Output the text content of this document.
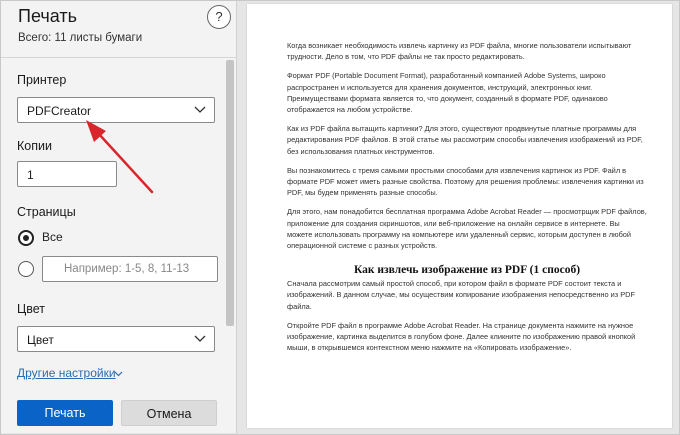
Печать
Всего: 11 листы бумаги
?
Принтер
PDFCreator
Копии
1
Страницы
Все
Например: 1-5, 8, 11-13
Цвет
Цвет
Другие настройки
Печать	Отмена

Когда возникает необходимость извлечь картинку из PDF файла, многие пользователи испытывают трудности. Дело в том, что PDF файлы не так просто редактировать.

Формат PDF (Portable Document Format), разработанный компанией Adobe Systems, широко распространен и используется для хранения документов, инструкций, электронных книг. Преимуществами формата является то, что документ, созданный в формате PDF, одинаково отображается на любом устройстве.

Как из PDF файла вытащить картинки? Для этого, существуют продвинутые платные программы для редактирования PDF файлов. В этой статье мы рассмотрим способы извлечения изображений из PDF, без использования платных инструментов.

Вы познакомитесь с тремя самыми простыми способами для извлечения картинок из PDF. Файл в формате PDF может иметь разные свойства. Поэтому для решения проблемы: извлечения картинки из PDF, мы будем применять разные способы.

Для этого, нам понадобится бесплатная программа Adobe Acrobat Reader — просмотрщик PDF файлов, приложение для создания скриншотов, или веб-приложение на онлайн сервисе в интернете. Вы можете использовать программу на компьютере или удаленный сервис, которым доступен в любой операционной системе с разных устройств.

Как извлечь изображение из PDF (1 способ)

Сначала рассмотрим самый простой способ, при котором файл в формате PDF состоит текста и изображений. В данном случае, мы осуществим копирование изображения непосредственно из PDF файла.

Откройте PDF файл в программе Adobe Acrobat Reader. На странице документа нажмите на нужное изображение, картинка выделится в голубом фоне. Далее кликните по изображению правой кнопкой мыши, в открывшемся контекстном меню нажмите на «Копировать изображение».
